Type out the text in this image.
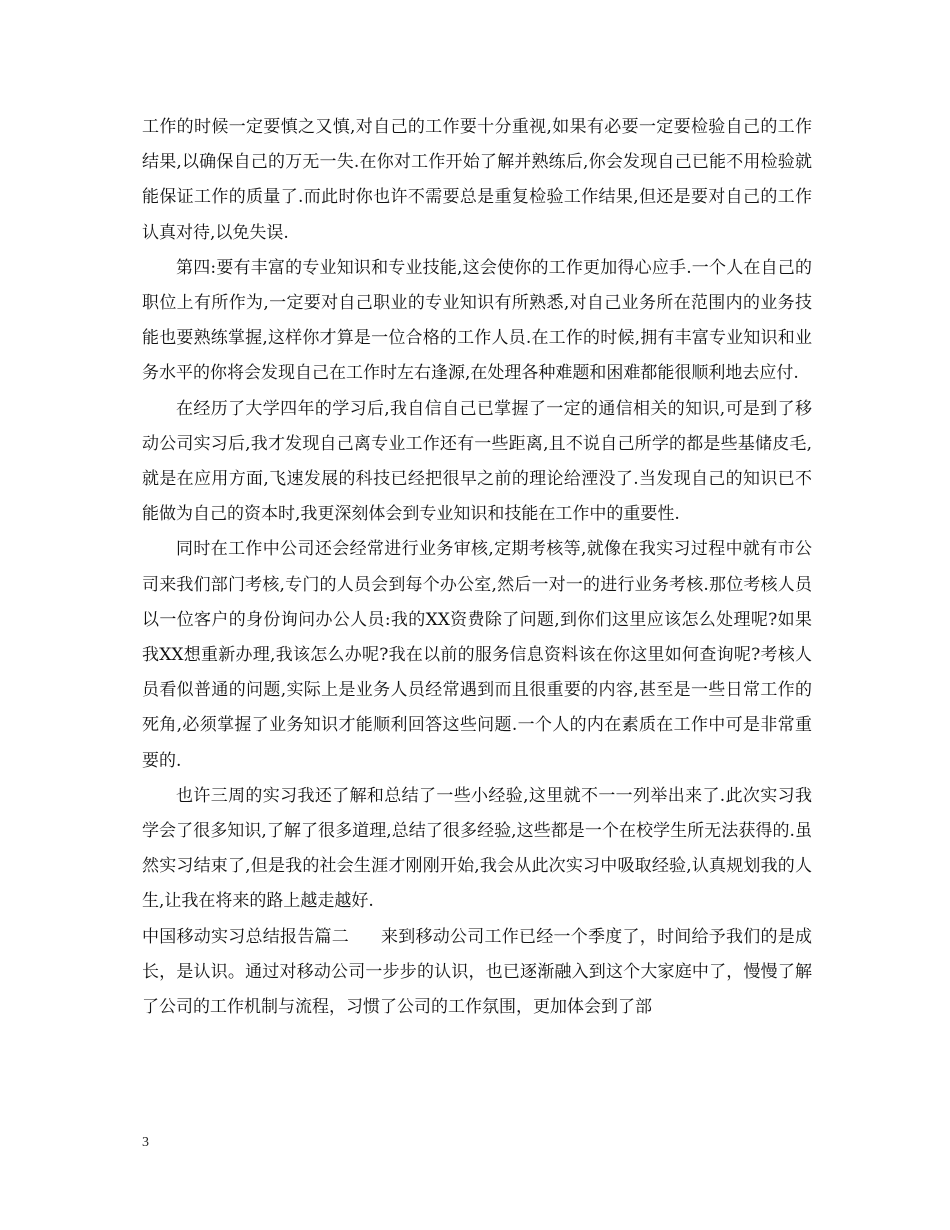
工作的时候一定要慎之又慎,对自己的工作要十分重视,如果有必要一定要检验自己的工作结果,以确保自己的万无一失.在你对工作开始了解并熟练后,你会发现自己已能不用检验就能保证工作的质量了.而此时你也许不需要总是重复检验工作结果,但还是要对自己的工作认真对待,以免失误.

第四:要有丰富的专业知识和专业技能,这会使你的工作更加得心应手.一个人在自己的职位上有所作为,一定要对自己职业的专业知识有所熟悉,对自己业务所在范围内的业务技能也要熟练掌握,这样你才算是一位合格的工作人员.在工作的时候,拥有丰富专业知识和业务水平的你将会发现自己在工作时左右逢源,在处理各种难题和困难都能很顺利地去应付.

在经历了大学四年的学习后,我自信自己已掌握了一定的通信相关的知识,可是到了移动公司实习后,我才发现自己离专业工作还有一些距离,且不说自己所学的都是些基储皮毛,就是在应用方面,飞速发展的科技已经把很早之前的理论给湮没了.当发现自己的知识已不能做为自己的资本时,我更深刻体会到专业知识和技能在工作中的重要性.

同时在工作中公司还会经常进行业务审核,定期考核等,就像在我实习过程中就有市公司来我们部门考核,专门的人员会到每个办公室,然后一对一的进行业务考核.那位考核人员以一位客户的身份询问办公人员:我的XX资费除了问题,到你们这里应该怎么处理呢?如果我XX想重新办理,我该怎么办呢?我在以前的服务信息资料该在你这里如何查询呢?考核人员看似普通的问题,实际上是业务人员经常遇到而且很重要的内容,甚至是一些日常工作的死角,必须掌握了业务知识才能顺利回答这些问题.一个人的内在素质在工作中可是非常重要的.

也许三周的实习我还了解和总结了一些小经验,这里就不一一列举出来了.此次实习我学会了很多知识,了解了很多道理,总结了很多经验,这些都是一个在校学生所无法获得的.虽然实习结束了,但是我的社会生涯才刚刚开始,我会从此次实习中吸取经验,认真规划我的人生,让我在将来的路上越走越好.

中国移动实习总结报告篇二 来到移动公司工作已经一个季度了，时间给予我们的是成长，是认识。通过对移动公司一步步的认识，也已逐渐融入到这个大家庭中了，慢慢了解了公司的工作机制与流程，习惯了公司的工作氛围，更加体会到了部

3
